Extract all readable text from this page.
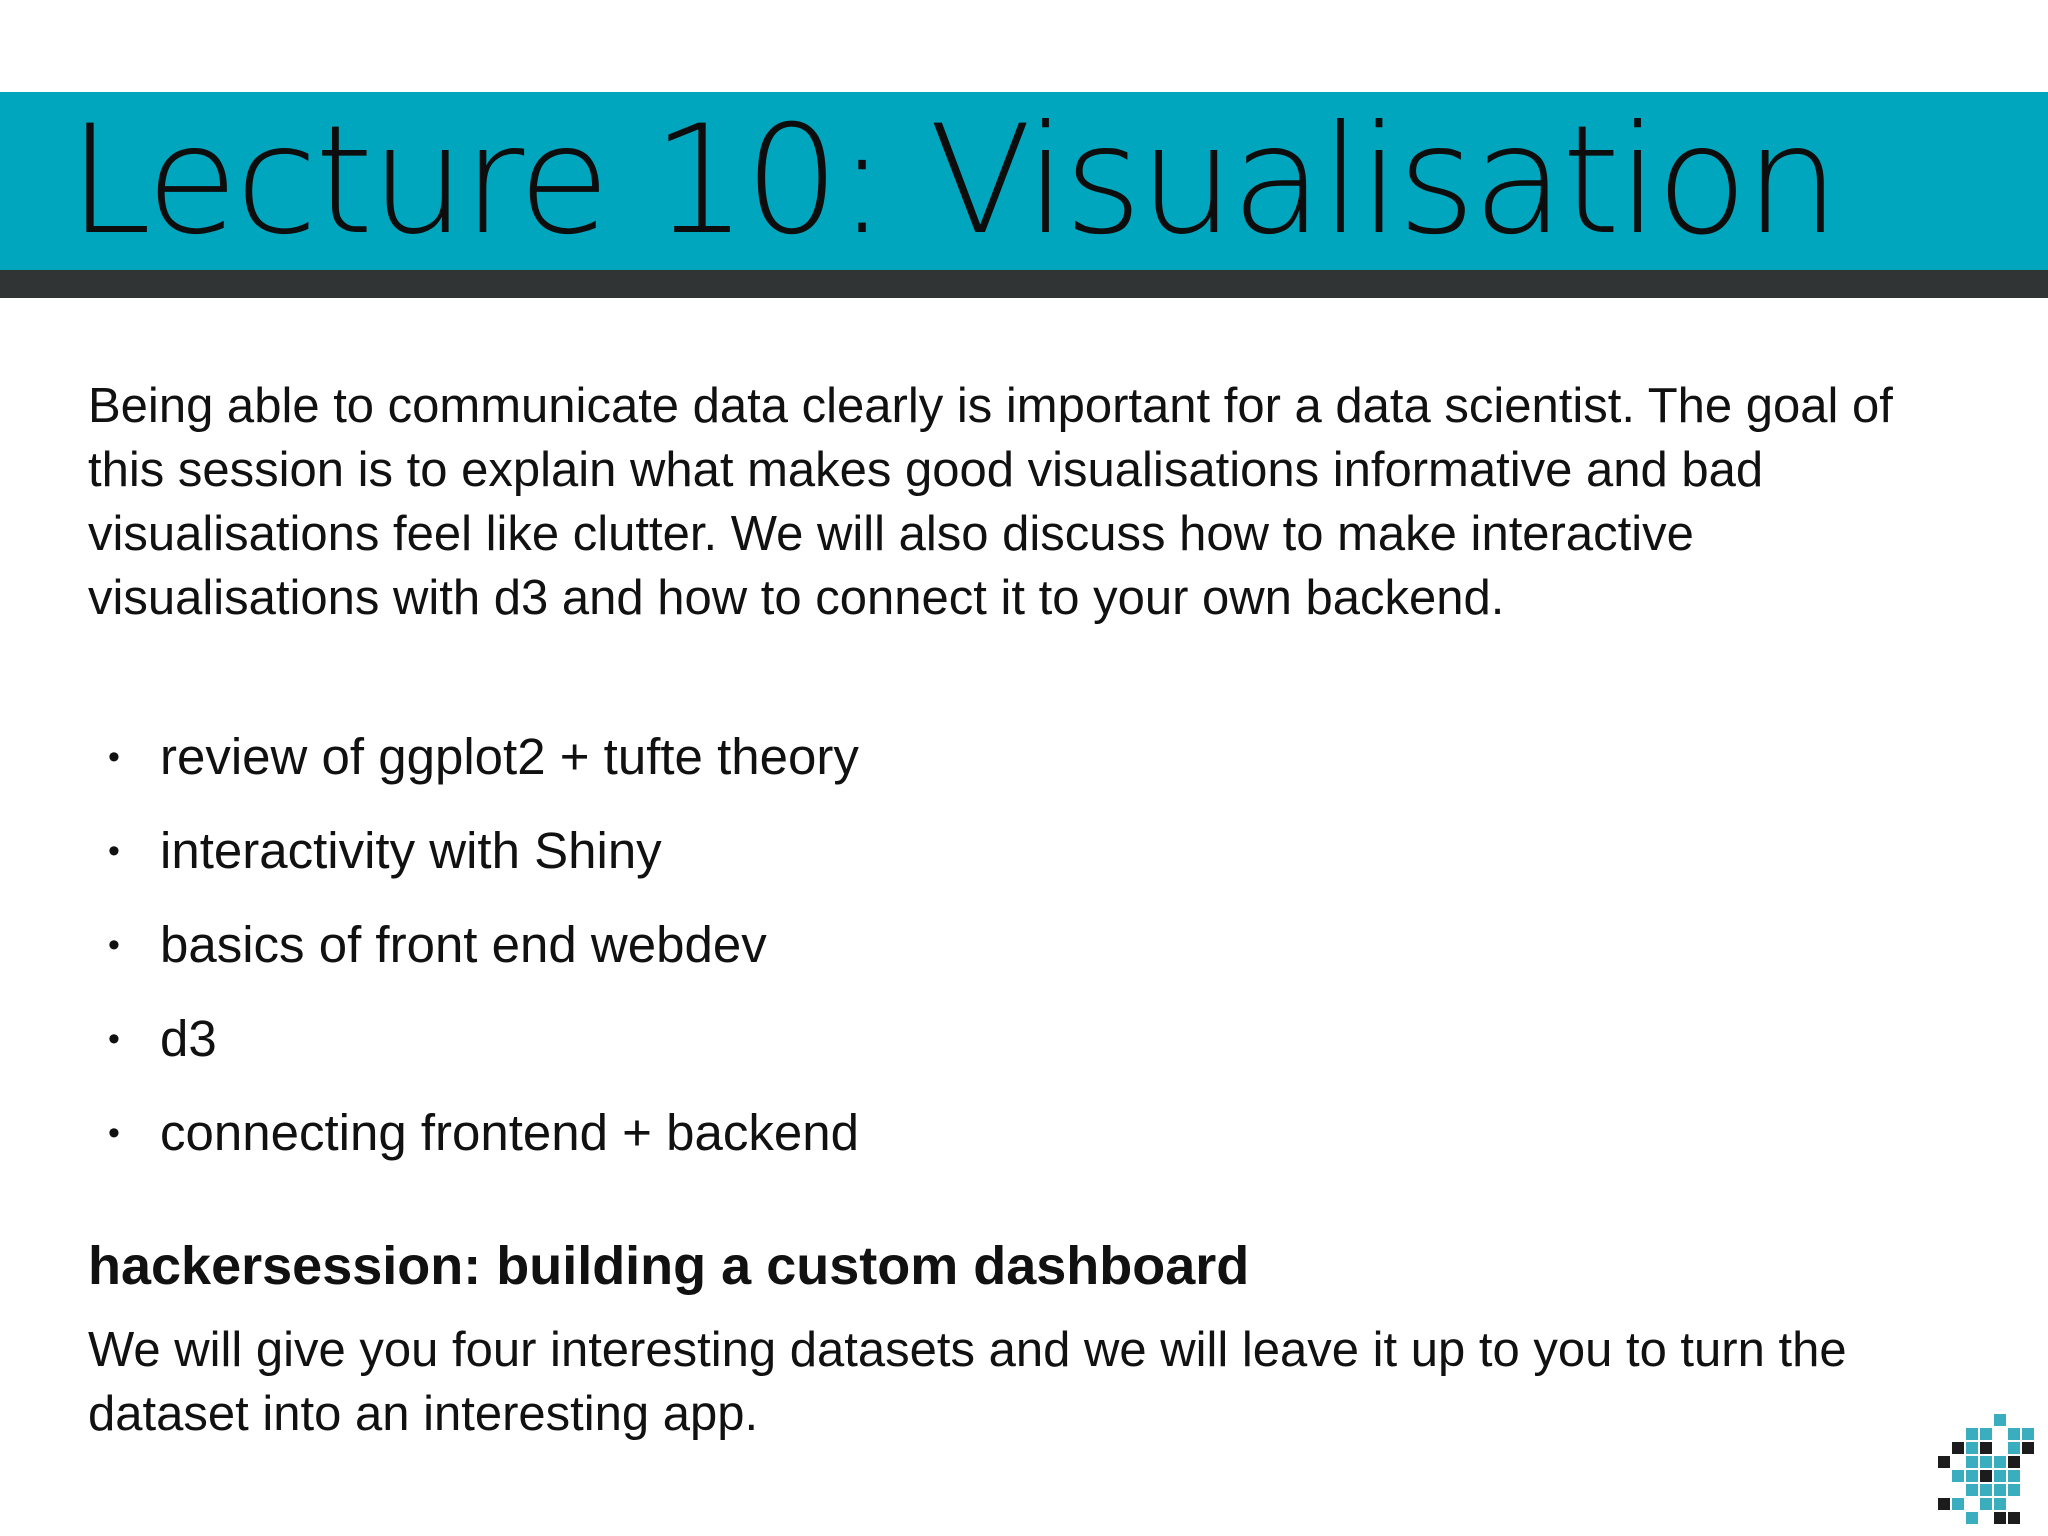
Lecture 10: Visualisation

Being able to communicate data clearly is important for a data scientist. The goal of this session is to explain what makes good visualisations informative and bad visualisations feel like clutter. We will also discuss how to make interactive visualisations with d3 and how to connect it to your own backend.

• review of ggplot2 + tufte theory
• interactivity with Shiny
• basics of front end webdev
• d3
• connecting frontend + backend
hackersession: building a custom dashboard

We will give you four interesting datasets and we will leave it up to you to turn the dataset into an interesting app.
